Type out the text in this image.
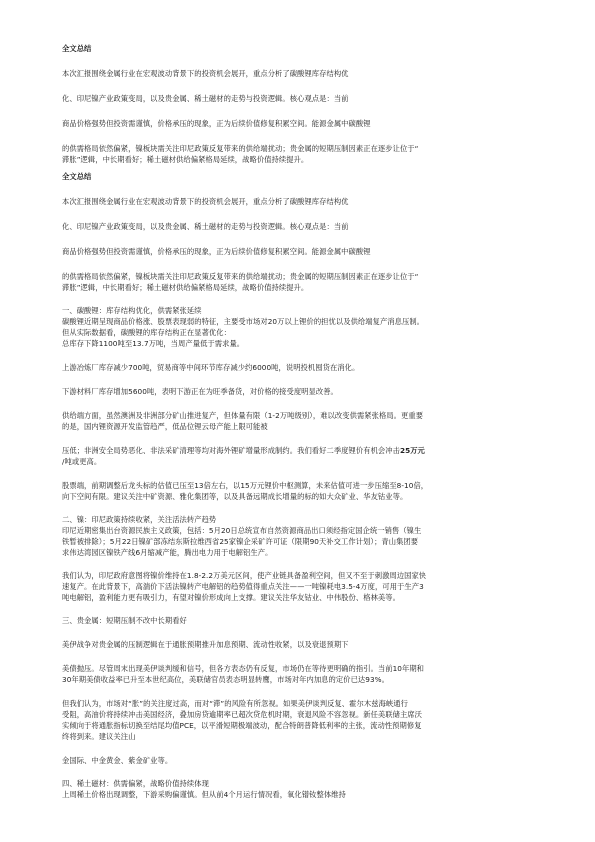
全文总结

本次汇报围绕金属行业在宏观波动背景下的投资机会展开，重点分析了碳酸锂库存结构优

化、印尼镍产业政策变局，以及贵金属、稀土磁材的走势与投资逻辑。核心观点是：当前

商品价格强势但投资需谨慎，价格承压的现象，正为后续价值修复积累空间。能源金属中碳酸锂

的供需格局依然偏紧，镍板块需关注印尼政策反复带来的供给端扰动；贵金属的短期压制因素正在逐步让位于“

滞胀”逻辑，中长期看好；稀土磁材供给偏紧格局延续，战略价值持续提升。

全文总结

本次汇报围绕金属行业在宏观波动背景下的投资机会展开，重点分析了碳酸锂库存结构优

化、印尼镍产业政策变局，以及贵金属、稀土磁材的走势与投资逻辑。核心观点是：当前

商品价格强势但投资需谨慎，价格承压的现象，正为后续价值修复积累空间。能源金属中碳酸锂

的供需格局依然偏紧，镍板块需关注印尼政策反复带来的供给端扰动；贵金属的短期压制因素正在逐步让位于“

滞胀”逻辑，中长期看好；稀土磁材供给偏紧格局延续，战略价值持续提升。

一、碳酸锂：库存结构优化，供需紧张延续

碳酸锂近期呈现商品价格涨、股票表现弱的特征，主要受市场对20万以上锂价的担忧以及供给端复产消息压制。

但从实际数据看，碳酸锂的库存结构正在显著优化：

总库存下降1100吨至13.7万吨，当周产量低于需求量。

上游冶炼厂库存减少700吨，贸易商等中间环节库存减少约6000吨，说明投机囤货在消化。

下游材料厂库存增加5600吨，表明下游正在为旺季备货，对价格的接受度明显改善。

供给端方面，虽然澳洲及非洲部分矿山推进复产，但体量有限（1-2万吨级别），难以改变供需紧张格局。更重要

的是，国内锂资源开发监管趋严，低品位锂云母产能上限可能被

压低；非洲安全局势恶化、非法采矿清理等均对海外锂矿增量形成制约。我们看好二季度锂价有机会冲击25万元

/吨或更高。

股票端，前期调整后龙头标的估值已压至13倍左右，以15万元锂价中枢测算，未来估值可进一步压缩至8-10倍，

向下空间有限。建议关注中矿资源、雅化集团等，以及具备远期成长增量的标的如大众矿业、华友钴业等。

二、镍：印尼政策持续收紧，关注活法转产趋势

印尼近期密集出台资源民族主义政策，包括：5月20日总统宣布自然资源商品出口须经指定国企统一销售（镍生

铁暂被排除）；5月22日镍矿部冻结东斯拉维西省25家镍企采矿许可证（限期90天补交工作计划）；青山集团要

求伟达湾园区镍铁产线6月缩减产能，腾出电力用于电解铝生产。

我们认为，印尼政府意图将镍价维持在1.8-2.2万美元区间，使产业链具备盈利空间，但又不至于刺激周边国家快

速复产。在此背景下，高湍价下活法镍转产电解铝的趋势值得重点关注——一吨镍耗电3.5-4万度，可用于生产3

吨电解铝，盈利能力更有吸引力，有望对镍价形成向上支撑。建议关注华友钴业、中伟股份、格林美等。

三、贵金属：短期压制不改中长期看好

美伊战争对贵金属的压制逻辑在于通胀预期推升加息预期、流动性收紧，以及衰退预期下

美债抛压。尽管周末出现美伊谈判缓和信号，但各方表态仍有反复，市场仍在等待更明确的指引。当前10年期和

30年期美债收益率已升至本世纪高位，美联储官员表态明显转鹰，市场对年内加息的定价已达93%。

但我们认为，市场对“胀”的关注度过高，而对“滞”的风险有所忽视。如果美伊谈判反复、霍尔木兹海峡通行

受阻，高油价将持续冲击美国经济，叠加房贷逾期率已超次贷危机时期，衰退风险不容忽视。新任美联储主席沃

实倾向于将通胀指标切换至结尾均值PCE，以平滑短期极端波动，配合特朗普降低利率的主张，流动性预期修复

终将到来。建议关注山

金国际、中金黄金、紫金矿业等。

四、稀土磁材：供需偏紧，战略价值持续体现

上周稀土价格出现调整，下游采购偏谨慎。但从前4个月运行情况看，氧化镨钕整体维持
